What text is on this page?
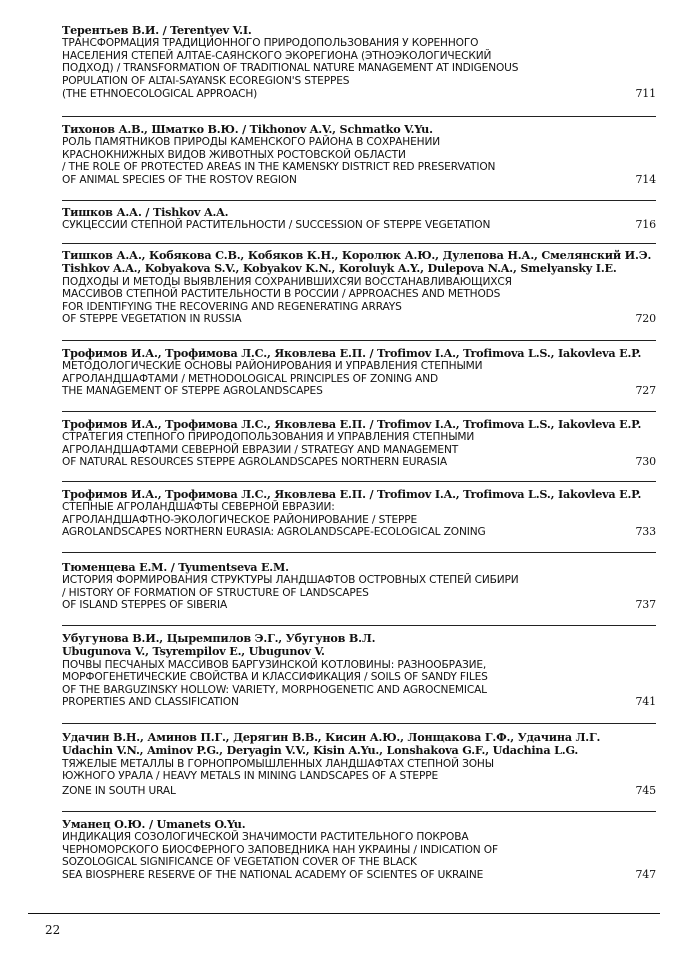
Терентьев В.И. / Terentyev V.I.
ТРАНСФОРМАЦИЯ ТРАДИЦИОННОГО ПРИРОДОПОЛЬЗОВАНИЯ У КОРЕННОГО
НАСЕЛЕНИЯ СТЕПЕЙ АЛТАЕ-САЯНСКОГО ЭКОРЕГИОНА (ЭТНОЭКОЛОГИЧЕСКИЙ
ПОДХОД) / TRANSFORMATION OF TRADITIONAL NATURE MANAGEMENT AT INDIGENOUS
POPULATION OF ALTAI-SAYANSK ECOREGION'S STEPPES
(THE ETHNOECOLOGICAL APPROACH)	711
Тихонов А.В., Шматко В.Ю. / Tikhonov A.V., Schmatko V.Yu.
РОЛЬ ПАМЯТНИКОВ ПРИРОДЫ КАМЕНСКОГО РАЙОНА В СОХРАНЕНИИ
КРАСНОКНИЖНЫХ ВИДОВ ЖИВОТНЫХ РОСТОВСКОЙ ОБЛАСТИ
/ THE ROLE OF PROTECTED AREAS IN THE KAMENSKY DISTRICT RED PRESERVATION
OF ANIMAL SPECIES OF THE ROSTOV REGION	714
Тишков А.А. / Tishkov A.A.
СУКЦЕССИИ СТЕПНОЙ РАСТИТЕЛЬНОСТИ / SUCCESSION OF STEPPE VEGETATION	716
Тишков А.А., Кобякова С.В., Кобяков К.Н., Королюк А.Ю., Дулепова Н.А., Смелянский И.Э.
Tishkov A.A., Kobyakova S.V., Kobyakov K.N., Koroluyk A.Y., Dulepova N.A., Smelyansky I.E.
ПОДХОДЫ И МЕТОДЫ ВЫЯВЛЕНИЯ СОХРАНИВШИХСЯИ ВОССТАНАВЛИВАЮЩИХСЯ
МАССИВОВ СТЕПНОЙ РАСТИТЕЛЬНОСТИ В РОССИИ / APPROACHES AND METHODS
FOR IDENTIFYING THE RECOVERING AND REGENERATING ARRAYS
OF STEPPE VEGETATION IN RUSSIA	720
Трофимов И.А., Трофимова Л.С., Яковлева Е.П. / Trofimov I.A., Trofimova L.S., Iakovleva E.P.
МЕТОДОЛОГИЧЕСКИЕ ОСНОВЫ РАЙОНИРОВАНИЯ И УПРАВЛЕНИЯ СТЕПНЫМИ
АГРОЛАНДШАФТАМИ / METHODOLOGICAL PRINCIPLES OF ZONING AND
THE MANAGEMENT OF STEPPE AGROLANDSCAPES	727
Трофимов И.А., Трофимова Л.С., Яковлева Е.П. / Trofimov I.A., Trofimova L.S., Iakovleva E.P.
СТРАТЕГИЯ СТЕПНОГО ПРИРОДОПОЛЬЗОВАНИЯ И УПРАВЛЕНИЯ СТЕПНЫМИ
АГРОЛАНДШАФТАМИ СЕВЕРНОЙ ЕВРАЗИИ / STRATEGY AND MANAGEMENT
OF NATURAL RESOURCES STEPPE AGROLANDSCAPES NORTHERN EURASIA	730
Трофимов И.А., Трофимова Л.С., Яковлева Е.П. / Trofimov I.A., Trofimova L.S., Iakovleva E.P.
СТЕПНЫЕ АГРОЛАНДШАФТЫ СЕВЕРНОЙ ЕВРАЗИИ:
АГРОЛАНДШАФТНО-ЭКОЛОГИЧЕСКОЕ РАЙОНИРОВАНИЕ / STEPPE
AGROLANDSCAPES NORTHERN EURASIA: AGROLANDSCAPE-ECOLOGICAL ZONING	733
Тюменцева Е.М. / Tyumentseva E.M.
ИСТОРИЯ ФОРМИРОВАНИЯ СТРУКТУРЫ ЛАНДШАФТОВ ОСТРОВНЫХ СТЕПЕЙ СИБИРИ
/ HISTORY OF FORMATION OF STRUCTURE OF LANDSCAPES
OF ISLAND STEPPES OF SIBERIA	737
Убугунова В.И., Цыремпилов Э.Г., Убугунов В.Л.
Ubugunova V., Tsyrempilov E., Ubugunov V.
ПОЧВЫ ПЕСЧАНЫХ МАССИВОВ БАРГУЗИНСКОЙ КОТЛОВИНЫ: РАЗНООБРАЗИЕ,
МОРФОГЕНЕТИЧЕСКИЕ СВОЙСТВА И КЛАССИФИКАЦИЯ / SOILS OF SANDY FILES
OF THE BARGUZINSKY HOLLOW: VARIETY, MORPHOGENETIC AND AGROCNEMICAL
PROPERTIES AND CLASSIFICATION	741
Удачин В.Н., Аминов П.Г., Дерягин В.В., Кисин А.Ю., Лонщакова Г.Ф., Удачина Л.Г.
Udachin V.N., Aminov P.G., Deryagin V.V., Kisin A.Yu., Lonshakova G.F., Udachina L.G.
ТЯЖЕЛЫЕ МЕТАЛЛЫ В ГОРНОПРОМЫШЛЕННЫХ ЛАНДШАФТАХ СТЕПНОЙ ЗОНЫ
ЮЖНОГО УРАЛА / HEAVY METALS IN MINING LANDSCAPES OF A STEPPE
ZONE IN SOUTH URAL	745
Уманец О.Ю. / Umanets O.Yu.
ИНДИКАЦИЯ СОЗОЛОГИЧЕСКОЙ ЗНАЧИМОСТИ РАСТИТЕЛЬНОГО ПОКРОВА
ЧЕРНОМОРСКОГО БИОСФЕРНОГО ЗАПОВЕДНИКА НАН УКРАИНЫ / INDICATION OF
SOZOLOGICAL SIGNIFICANCE OF VEGETATION COVER OF THE BLACK
SEA BIOSPHERE RESERVE OF THE NATIONAL ACADEMY OF SCIENTES OF UKRAINE	747
22
